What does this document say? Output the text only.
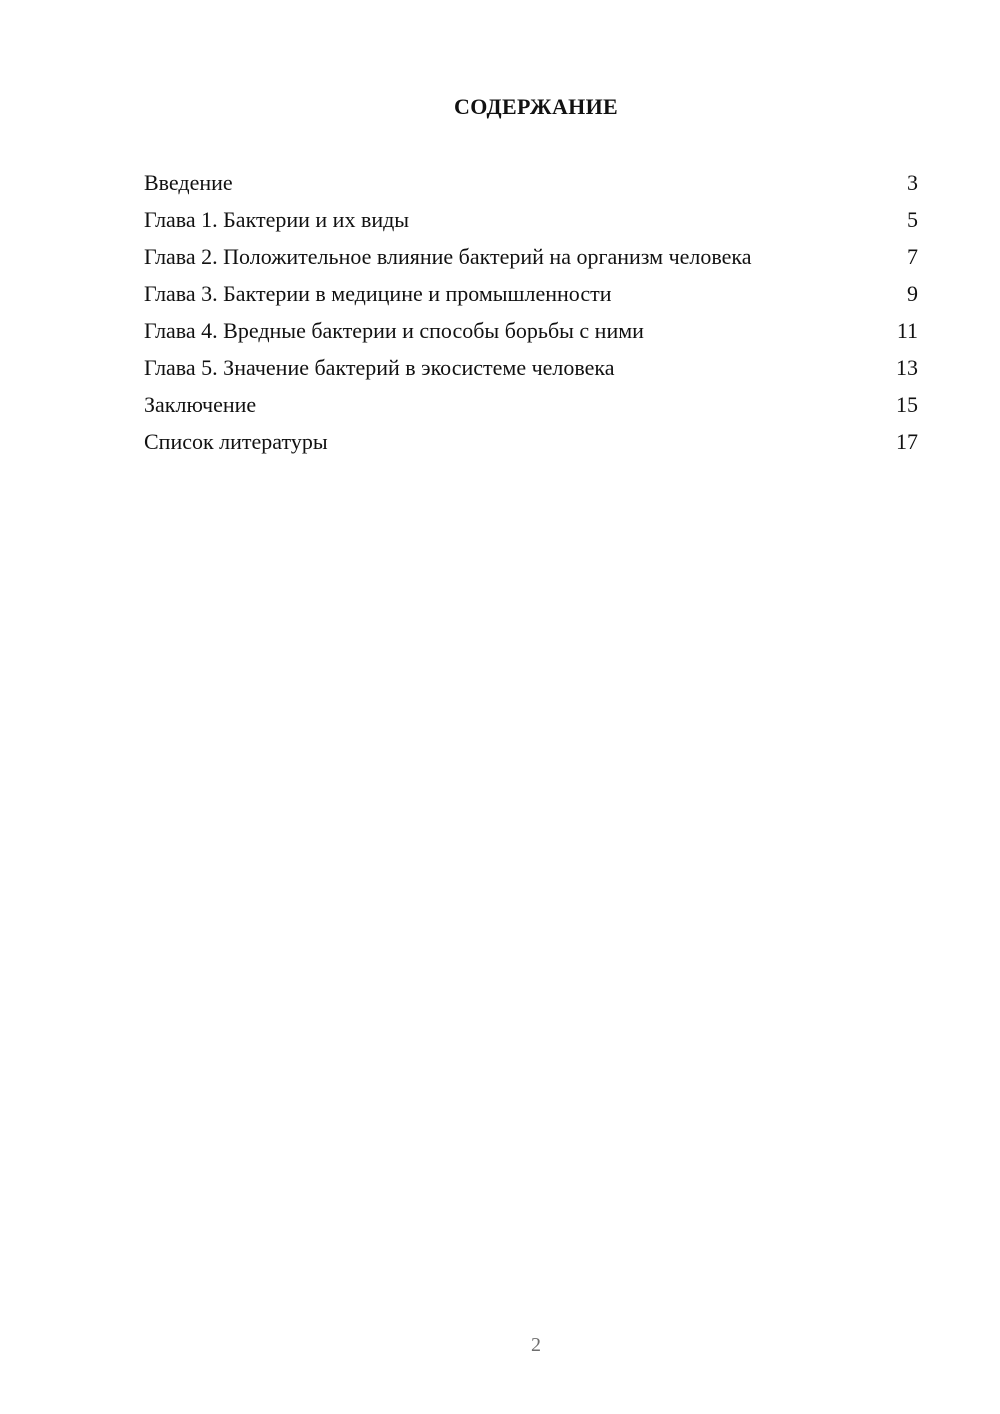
СОДЕРЖАНИЕ
Введение	3
Глава 1. Бактерии и их виды	5
Глава 2. Положительное влияние бактерий на организм человека	7
Глава 3. Бактерии в медицине и промышленности	9
Глава 4. Вредные бактерии и способы борьбы с ними	11
Глава 5. Значение бактерий в экосистеме человека	13
Заключение	15
Список литературы	17
2
